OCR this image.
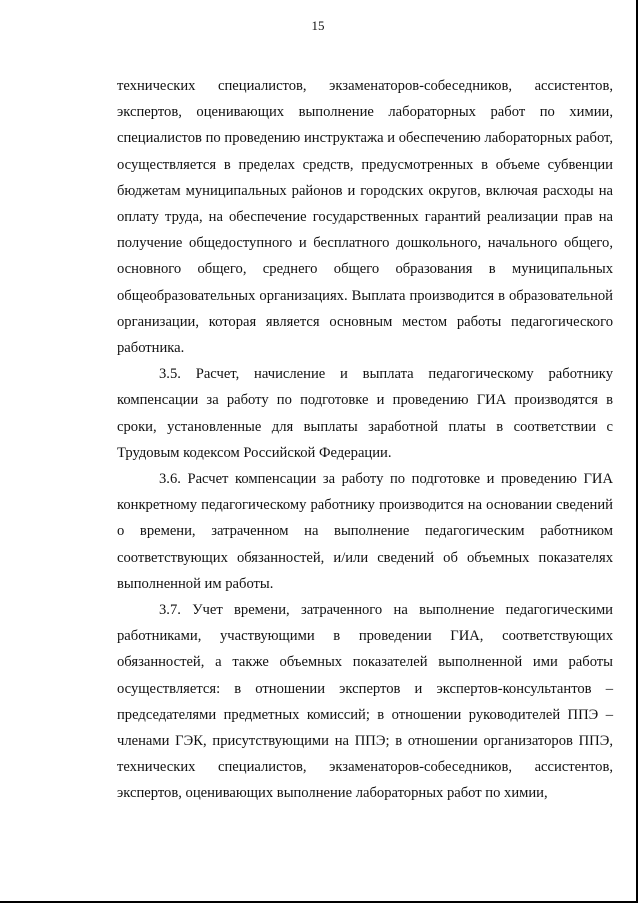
15

технических специалистов, экзаменаторов-собеседников, ассистентов, экспертов, оценивающих выполнение лабораторных работ по химии, специалистов по проведению инструктажа и обеспечению лабораторных работ, осуществляется в пределах средств, предусмотренных в объеме субвенции бюджетам муниципальных районов и городских округов, включая расходы на оплату труда, на обеспечение государственных гарантий реализации прав на получение общедоступного и бесплатного дошкольного, начального общего, основного общего, среднего общего образования в муниципальных общеобразовательных организациях. Выплата производится в образовательной организации, которая является основным местом работы педагогического работника.

3.5. Расчет, начисление и выплата педагогическому работнику компенсации за работу по подготовке и проведению ГИА производятся в сроки, установленные для выплаты заработной платы в соответствии с Трудовым кодексом Российской Федерации.

3.6. Расчет компенсации за работу по подготовке и проведению ГИА конкретному педагогическому работнику производится на основании сведений о времени, затраченном на выполнение педагогическим работником соответствующих обязанностей, и/или сведений об объемных показателях выполненной им работы.

3.7. Учет времени, затраченного на выполнение педагогическими работниками, участвующими в проведении ГИА, соответствующих обязанностей, а также объемных показателей выполненной ими работы осуществляется: в отношении экспертов и экспертов-консультантов – председателями предметных комиссий; в отношении руководителей ППЭ – членами ГЭК, присутствующими на ППЭ; в отношении организаторов ППЭ, технических специалистов, экзаменаторов-собеседников, ассистентов, экспертов, оценивающих выполнение лабораторных работ по химии,
